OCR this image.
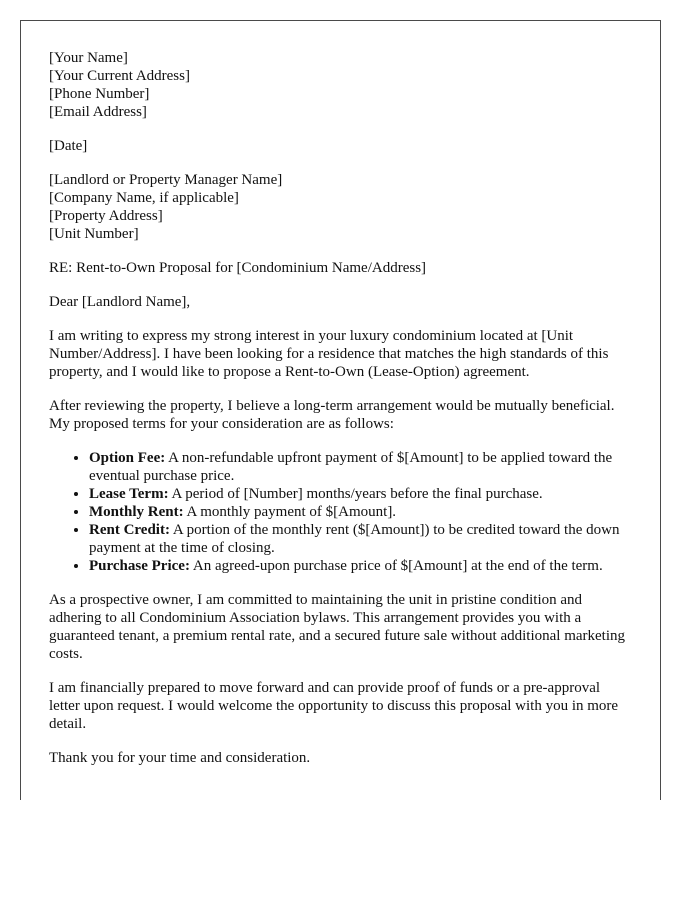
[Your Name]
[Your Current Address]
[Phone Number]
[Email Address]
[Date]
[Landlord or Property Manager Name]
[Company Name, if applicable]
[Property Address]
[Unit Number]

RE: Rent-to-Own Proposal for [Condominium Name/Address]

Dear [Landlord Name],

I am writing to express my strong interest in your luxury condominium located at [Unit Number/Address]. I have been looking for a residence that matches the high standards of this property, and I would like to propose a Rent-to-Own (Lease-Option) agreement.

After reviewing the property, I believe a long-term arrangement would be mutually beneficial. My proposed terms for your consideration are as follows:

• Option Fee: A non-refundable upfront payment of $[Amount] to be applied toward the eventual purchase price.
• Lease Term: A period of [Number] months/years before the final purchase.
• Monthly Rent: A monthly payment of $[Amount].
• Rent Credit: A portion of the monthly rent ($[Amount]) to be credited toward the down payment at the time of closing.
• Purchase Price: An agreed-upon purchase price of $[Amount] at the end of the term.

As a prospective owner, I am committed to maintaining the unit in pristine condition and adhering to all Condominium Association bylaws. This arrangement provides you with a guaranteed tenant, a premium rental rate, and a secured future sale without additional marketing costs.

I am financially prepared to move forward and can provide proof of funds or a pre-approval letter upon request. I would welcome the opportunity to discuss this proposal with you in more detail.

Thank you for your time and consideration.
